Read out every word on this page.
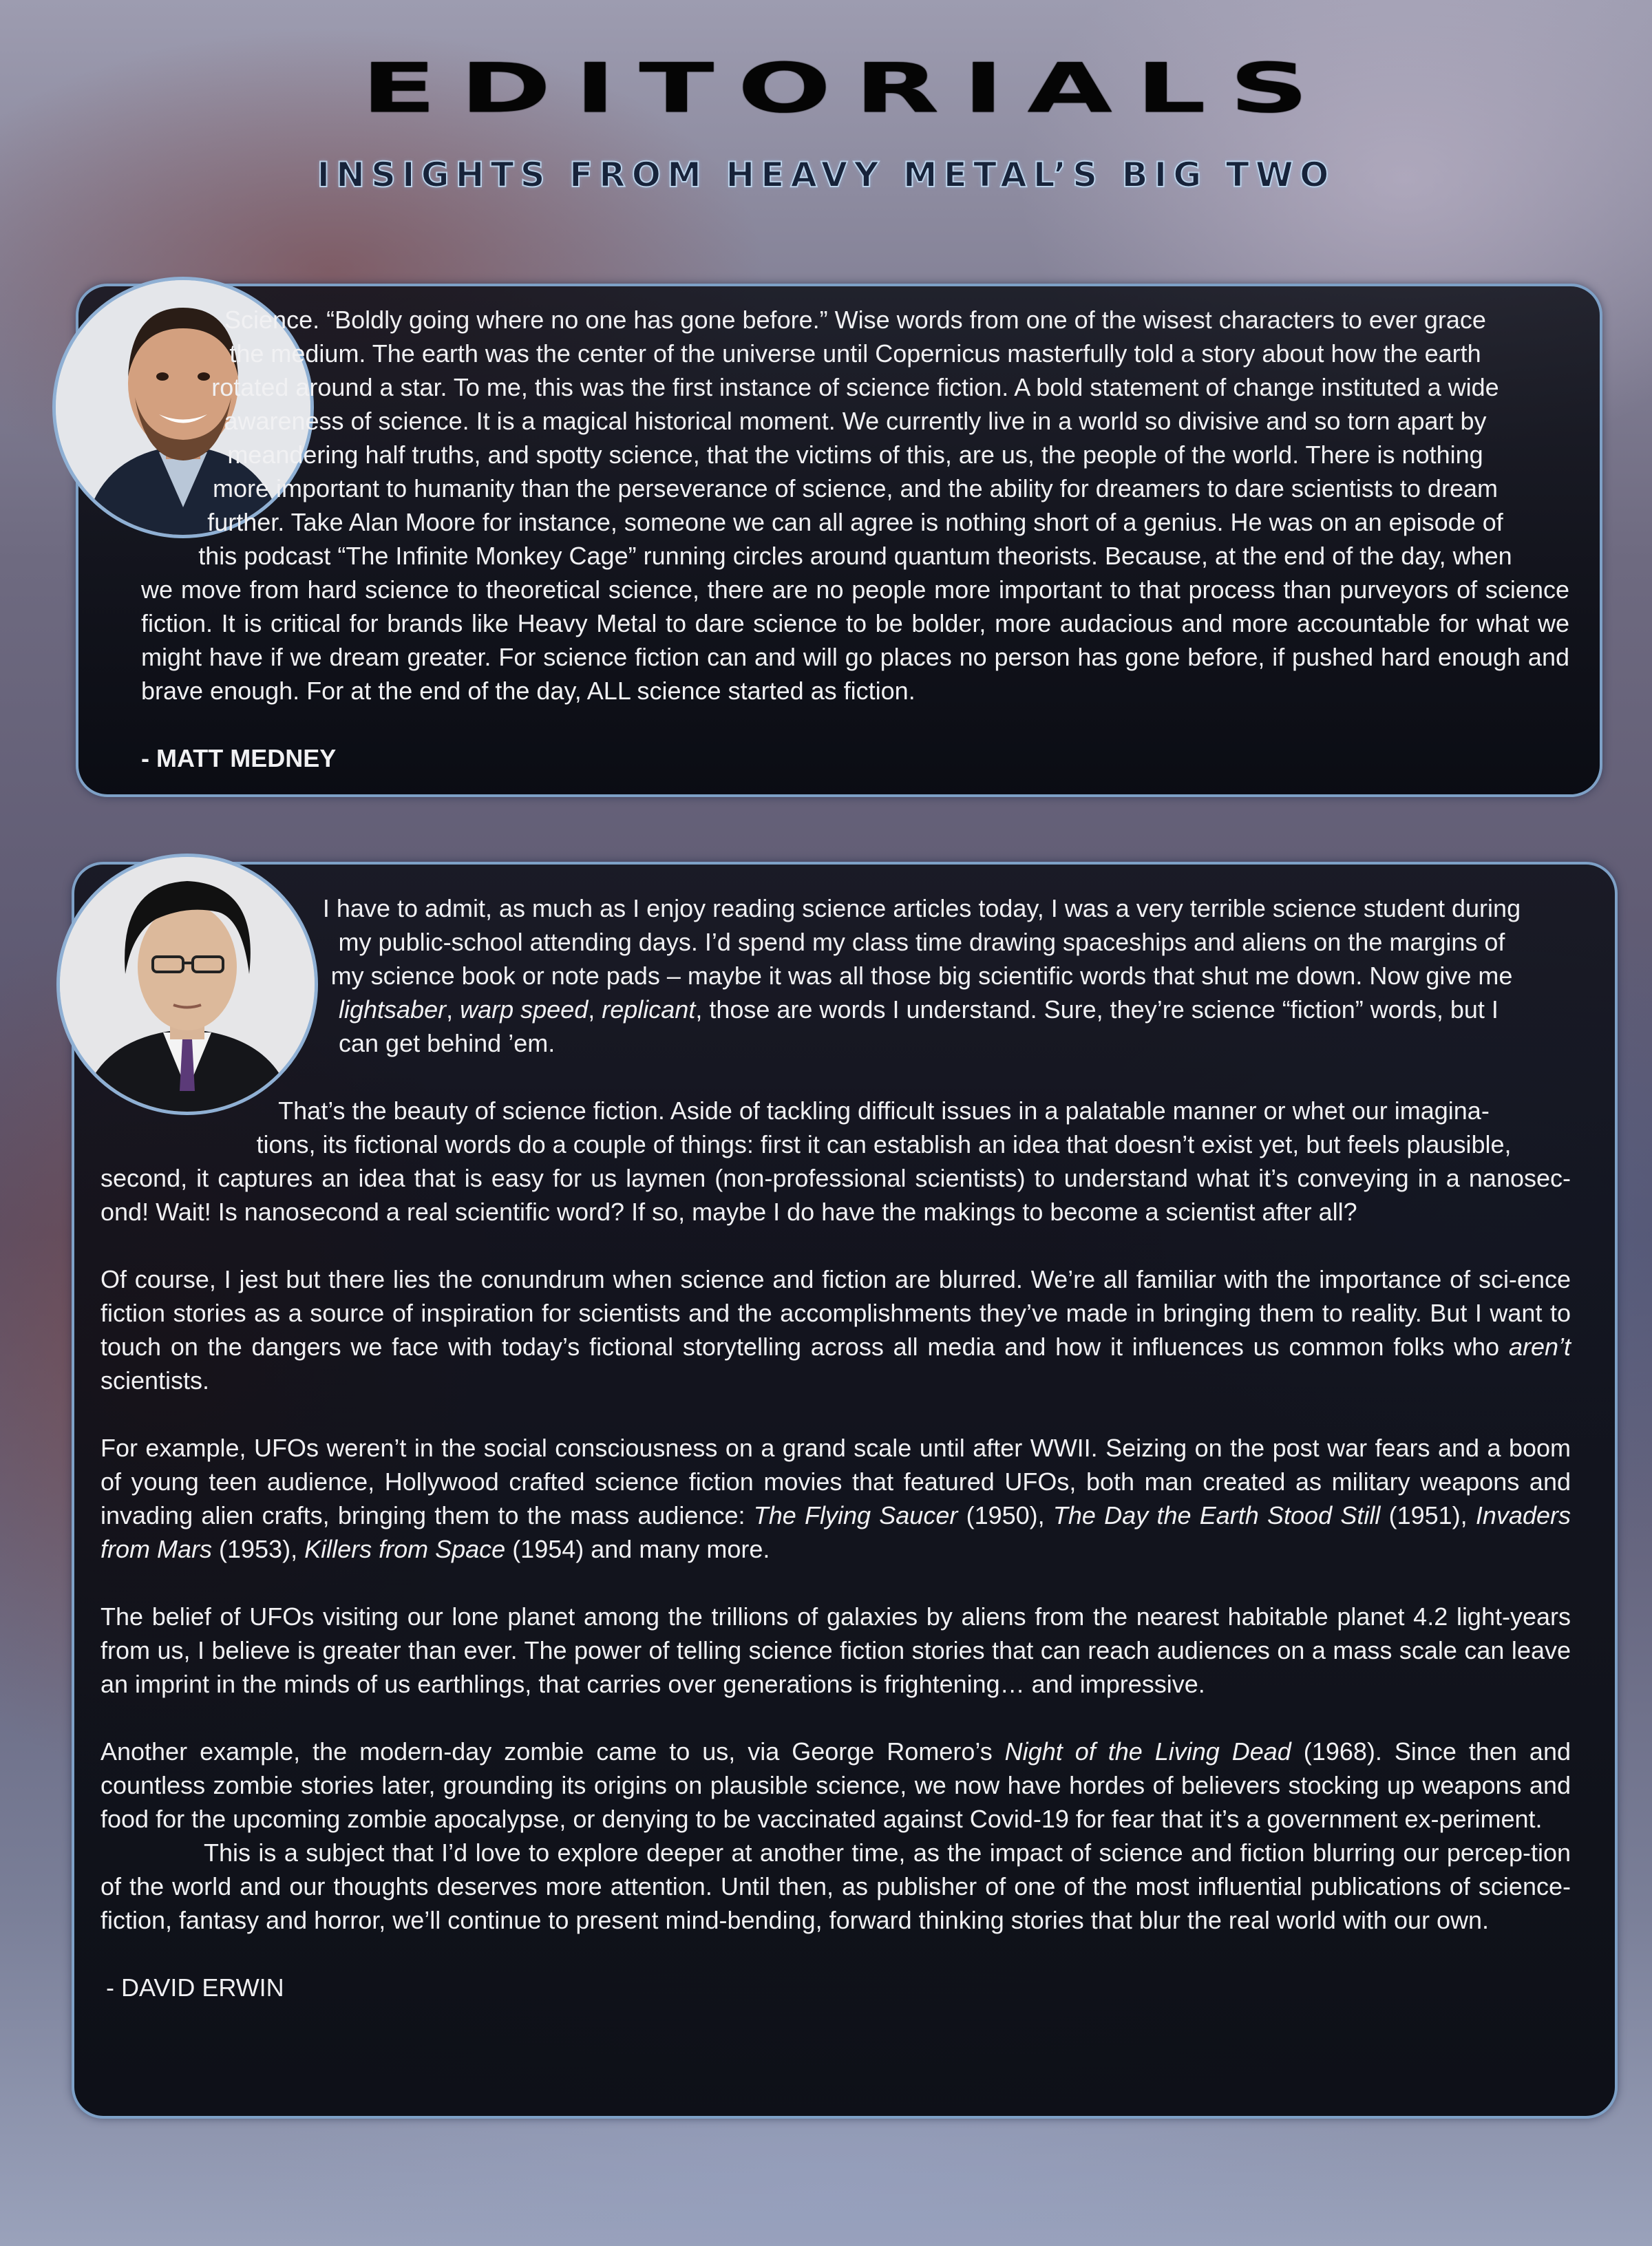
EDITORIALS
INSIGHTS FROM HEAVY METAL’S BIG TWO

Science. “Boldly going where no one has gone before.” Wise words from one of the wisest characters to ever grace

the medium. The earth was the center of the universe until Copernicus masterfully told a story about how the earth

rotated around a star. To me, this was the first instance of science fiction. A bold statement of change instituted a wide

awareness of science. It is a magical historical moment. We currently live in a world so divisive and so torn apart by

meandering half truths, and spotty science, that the victims of this, are us, the people of the world. There is nothing

more important to humanity than the perseverance of science, and the ability for dreamers to dare scientists to dream

further. Take Alan Moore for instance, someone we can all agree is nothing short of a genius. He was on an episode of

this podcast “The Infinite Monkey Cage” running circles around quantum theorists. Because, at the end of the day, when

we move from hard science to theoretical science, there are no people more important to that process than purveyors of science fiction. It is critical for brands like Heavy Metal to dare science to be bolder, more audacious and more accountable for what we might have if we dream greater. For science fiction can and will go places no person has gone before, if pushed hard enough and brave enough. For at the end of the day, ALL science started as fiction.

- MATT MEDNEY

I have to admit, as much as I enjoy reading science articles today, I was a very terrible science student during

my public-school attending days. I’d spend my class time drawing spaceships and aliens on the margins of

my science book or note pads – maybe it was all those big scientific words that shut me down. Now give me

lightsaber, warp speed, replicant, those are words I understand. Sure, they’re science “fiction” words, but I

can get behind ’em.

That’s the beauty of science fiction. Aside of tackling difficult issues in a palatable manner or whet our imagina-

tions, its fictional words do a couple of things: first it can establish an idea that doesn’t exist yet, but feels plausible,

second, it captures an idea that is easy for us laymen (non-professional scientists) to understand what it’s conveying in a nanosec-ond! Wait! Is nanosecond a real scientific word? If so, maybe I do have the makings to become a scientist after all?

Of course, I jest but there lies the conundrum when science and fiction are blurred. We’re all familiar with the importance of sci-ence fiction stories as a source of inspiration for scientists and the accomplishments they’ve made in bringing them to reality. But I want to touch on the dangers we face with today’s fictional storytelling across all media and how it influences us common folks who aren’t scientists.

For example, UFOs weren’t in the social consciousness on a grand scale until after WWII. Seizing on the post war fears and a boom of young teen audience, Hollywood crafted science fiction movies that featured UFOs, both man created as military weapons and invading alien crafts, bringing them to the mass audience: The Flying Saucer (1950), The Day the Earth Stood Still (1951), Invaders from Mars (1953), Killers from Space (1954) and many more.

The belief of UFOs visiting our lone planet among the trillions of galaxies by aliens from the nearest habitable planet 4.2 light-years from us, I believe is greater than ever. The power of telling science fiction stories that can reach audiences on a mass scale can leave an imprint in the minds of us earthlings, that carries over generations is frightening… and impressive.

Another example, the modern-day zombie came to us, via George Romero’s Night of the Living Dead (1968). Since then and countless zombie stories later, grounding its origins on plausible science, we now have hordes of believers stocking up weapons and food for the upcoming zombie apocalypse, or denying to be vaccinated against Covid-19 for fear that it’s a government ex-periment.

This is a subject that I’d love to explore deeper at another time, as the impact of science and fiction blurring our percep-tion of the world and our thoughts deserves more attention. Until then, as publisher of one of the most influential publications of science-fiction, fantasy and horror, we’ll continue to present mind-bending, forward thinking stories that blur the real world with our own.

- DAVID ERWIN
